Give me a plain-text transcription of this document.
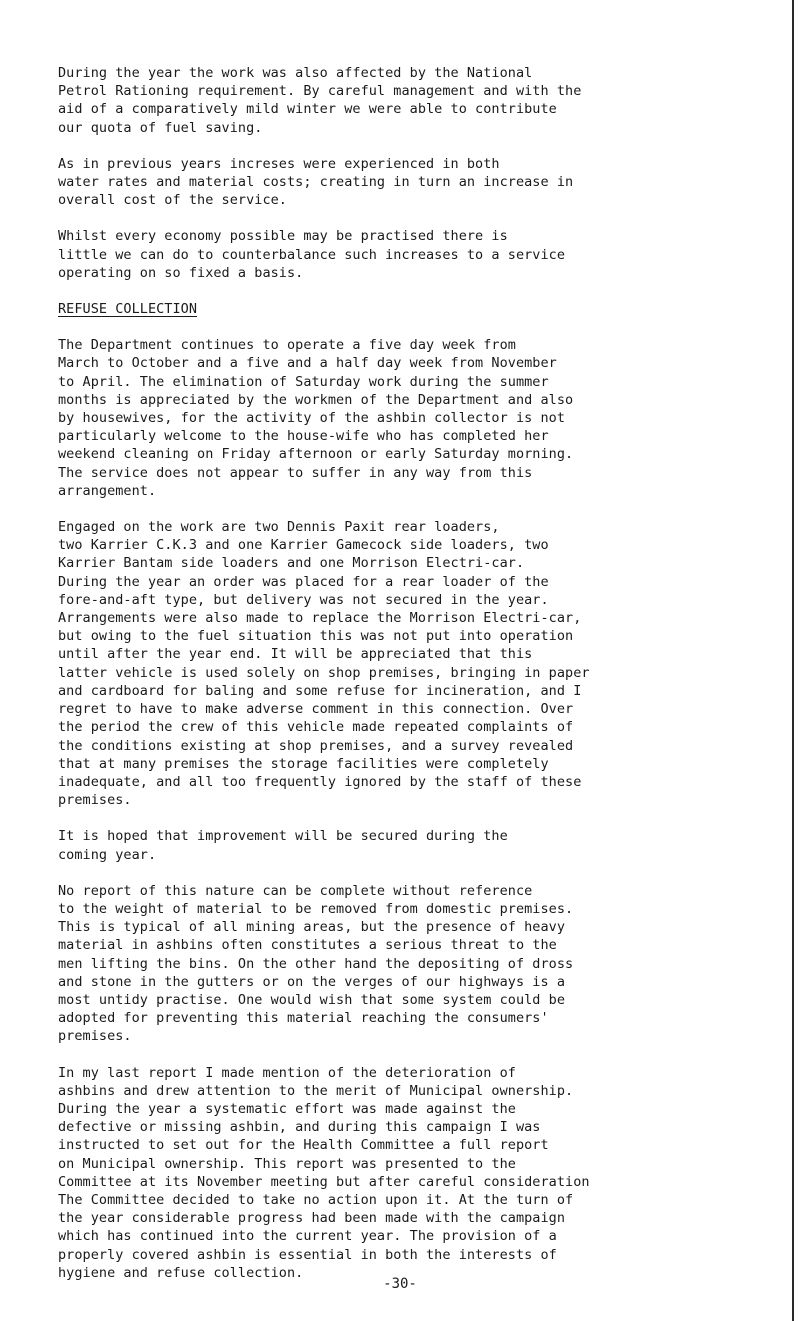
During the year the work was also affected by the National
Petrol Rationing requirement. By careful management and with the
aid of a comparatively mild winter we were able to contribute
our quota of fuel saving.

As in previous years increses were experienced in both
water rates and material costs; creating in turn an increase in
overall cost of the service.

Whilst every economy possible may be practised there is
little we can do to counterbalance such increases to a service
operating on so fixed a basis.

REFUSE COLLECTION

The Department continues to operate a five day week from
March to October and a five and a half day week from November
to April. The elimination of Saturday work during the summer
months is appreciated by the workmen of the Department and also
by housewives, for the activity of the ashbin collector is not
particularly welcome to the house-wife who has completed her
weekend cleaning on Friday afternoon or early Saturday morning.
The service does not appear to suffer in any way from this
arrangement.

Engaged on the work are two Dennis Paxit rear loaders,
two Karrier C.K.3 and one Karrier Gamecock side loaders, two
Karrier Bantam side loaders and one Morrison Electri-car.
During the year an order was placed for a rear loader of the
fore-and-aft type, but delivery was not secured in the year.
Arrangements were also made to replace the Morrison Electri-car,
but owing to the fuel situation this was not put into operation
until after the year end. It will be appreciated that this
latter vehicle is used solely on shop premises, bringing in paper
and cardboard for baling and some refuse for incineration, and I
regret to have to make adverse comment in this connection. Over
the period the crew of this vehicle made repeated complaints of
the conditions existing at shop premises, and a survey revealed
that at many premises the storage facilities were completely
inadequate, and all too frequently ignored by the staff of these
premises.

It is hoped that improvement will be secured during the
coming year.

No report of this nature can be complete without reference
to the weight of material to be removed from domestic premises.
This is typical of all mining areas, but the presence of heavy
material in ashbins often constitutes a serious threat to the
men lifting the bins. On the other hand the depositing of dross
and stone in the gutters or on the verges of our highways is a
most untidy practise. One would wish that some system could be
adopted for preventing this material reaching the consumers'
premises.

In my last report I made mention of the deterioration of
ashbins and drew attention to the merit of Municipal ownership.
During the year a systematic effort was made against the
defective or missing ashbin, and during this campaign I was
instructed to set out for the Health Committee a full report
on Municipal ownership. This report was presented to the
Committee at its November meeting but after careful consideration
The Committee decided to take no action upon it. At the turn of
the year considerable progress had been made with the campaign
which has continued into the current year. The provision of a
properly covered ashbin is essential in both the interests of
hygiene and refuse collection.

-30-
